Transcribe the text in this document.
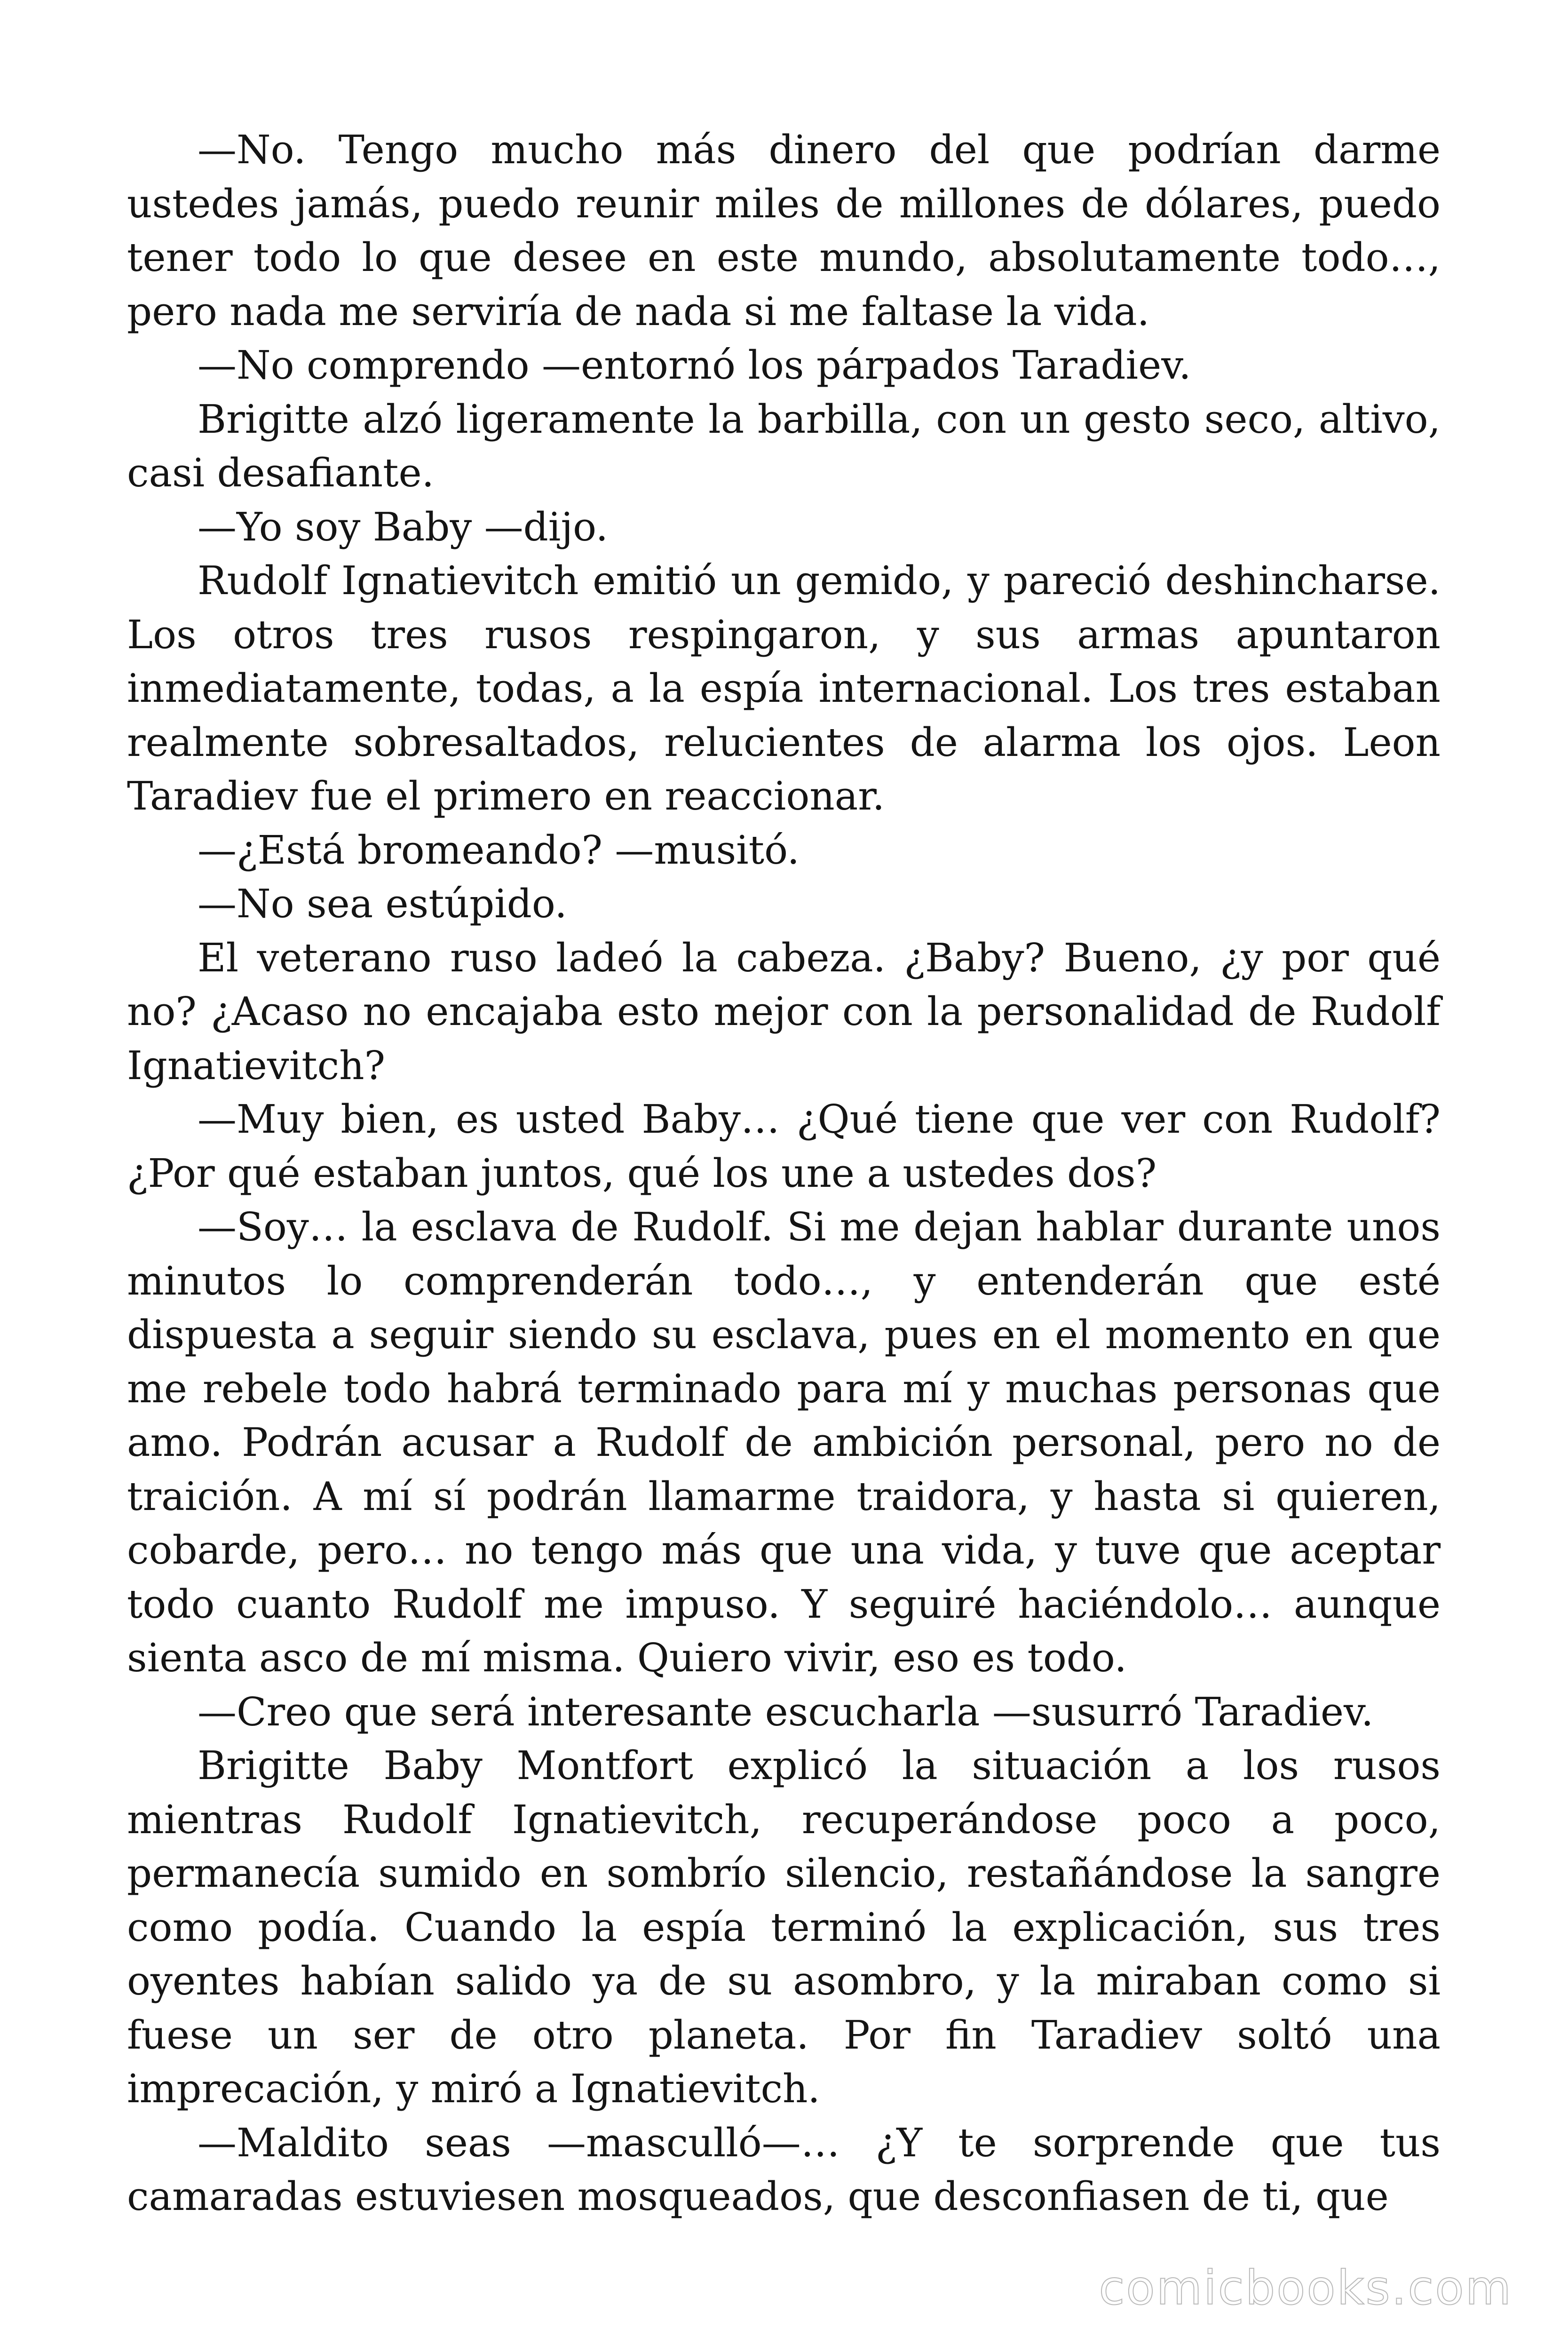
—No. Tengo mucho más dinero del que podrían darme ustedes jamás, puedo reunir miles de millones de dólares, puedo tener todo lo que desee en este mundo, absolutamente todo…, pero nada me serviría de nada si me faltase la vida.

—No comprendo —entornó los párpados Taradiev.

Brigitte alzó ligeramente la barbilla, con un gesto seco, altivo, casi desafiante.

—Yo soy Baby —dijo.

Rudolf Ignatievitch emitió un gemido, y pareció deshincharse. Los otros tres rusos respingaron, y sus armas apuntaron inmediatamente, todas, a la espía internacional. Los tres estaban realmente sobresaltados, relucientes de alarma los ojos. Leon Taradiev fue el primero en reaccionar.

—¿Está bromeando? —musitó.

—No sea estúpido.

El veterano ruso ladeó la cabeza. ¿Baby? Bueno, ¿y por qué no? ¿Acaso no encajaba esto mejor con la personalidad de Rudolf Ignatievitch?

—Muy bien, es usted Baby… ¿Qué tiene que ver con Rudolf? ¿Por qué estaban juntos, qué los une a ustedes dos?

—Soy… la esclava de Rudolf. Si me dejan hablar durante unos minutos lo comprenderán todo…, y entenderán que esté dispuesta a seguir siendo su esclava, pues en el momento en que me rebele todo habrá terminado para mí y muchas personas que amo. Podrán acusar a Rudolf de ambición personal, pero no de traición. A mí sí podrán llamarme traidora, y hasta si quieren, cobarde, pero… no tengo más que una vida, y tuve que aceptar todo cuanto Rudolf me impuso. Y seguiré haciéndolo… aunque sienta asco de mí misma. Quiero vivir, eso es todo.

—Creo que será interesante escucharla —susurró Taradiev.

Brigitte Baby Montfort explicó la situación a los rusos mientras Rudolf Ignatievitch, recuperándose poco a poco, permanecía sumido en sombrío silencio, restañándose la sangre como podía. Cuando la espía terminó la explicación, sus tres oyentes habían salido ya de su asombro, y la miraban como si fuese un ser de otro planeta. Por fin Taradiev soltó una imprecación, y miró a Ignatievitch.

—Maldito seas —masculló—… ¿Y te sorprende que tus camaradas estuviesen mosqueados, que desconfiasen de ti, que

comicbooks.com
